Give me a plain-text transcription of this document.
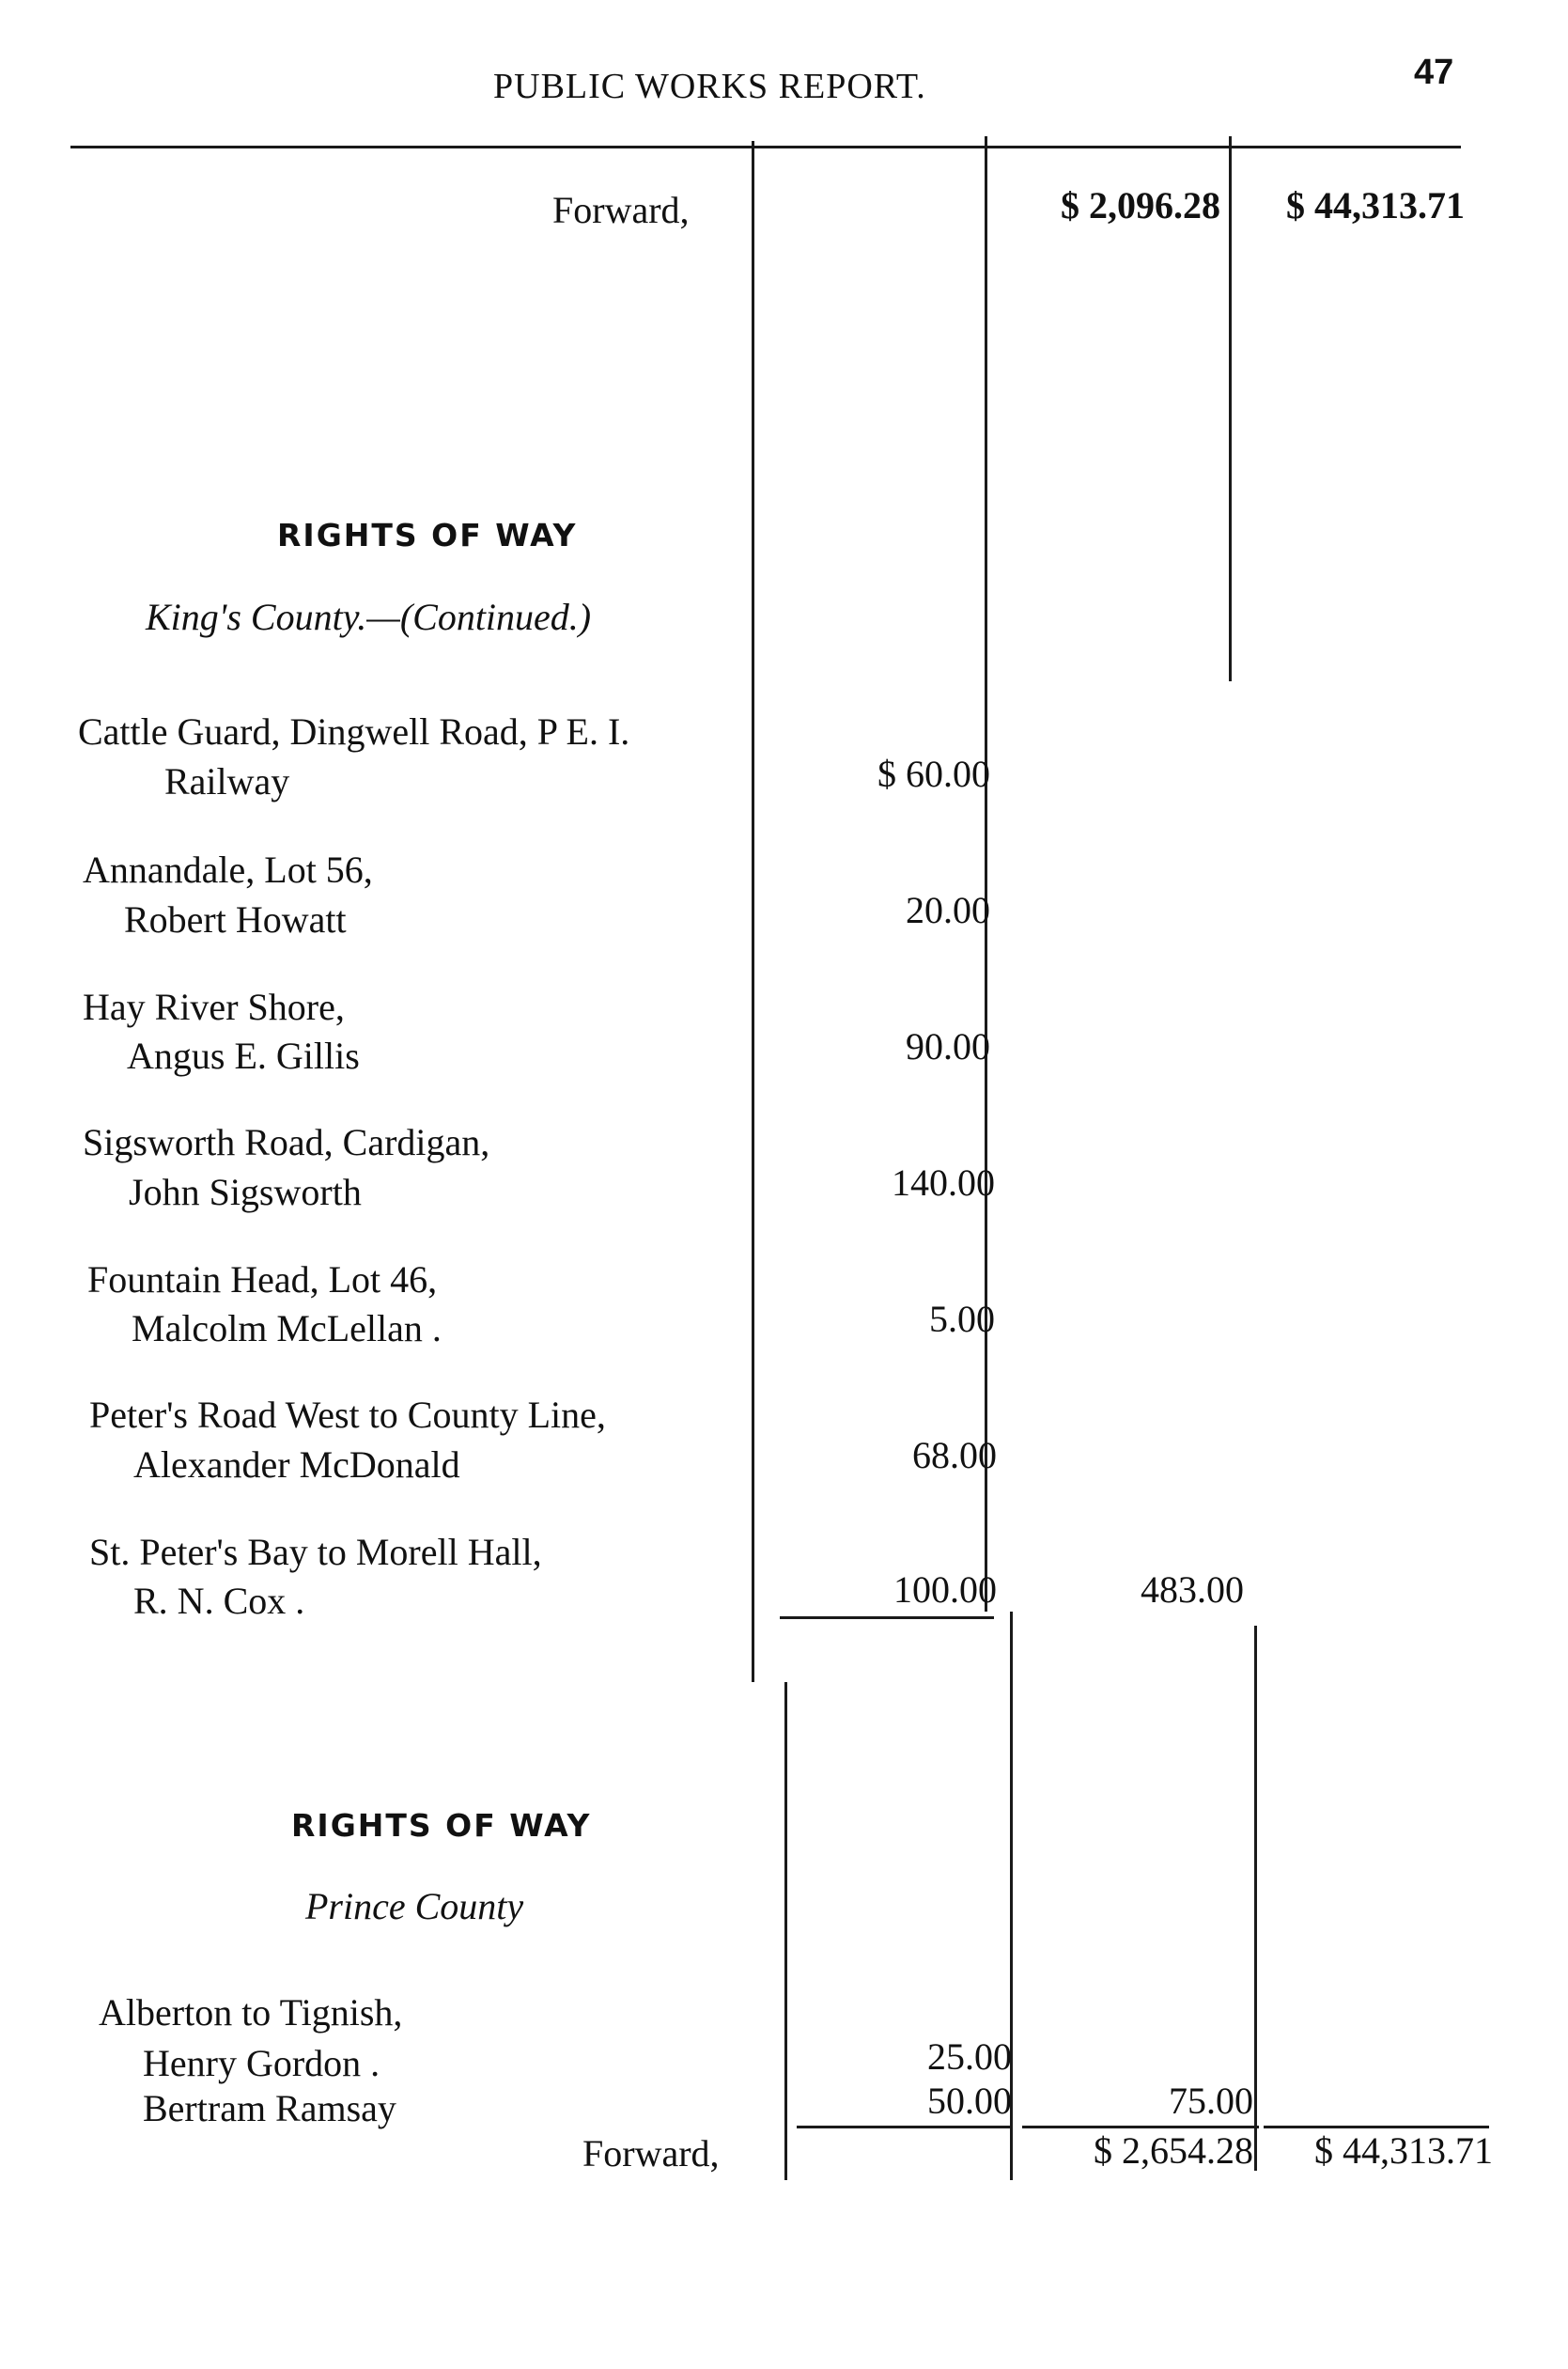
PUBLIC WORKS REPORT.	47
Forward,	$ 2,096.28 $ 44,313.71
RIGHTS OF WAY
King's County.—(Continued.)
Cattle Guard, Dingwell Road, P E. I.
Railway	$ 60.00
Annandale, Lot 56,
Robert Howatt	20.00
Hay River Shore,
Angus E. Gillis	90.00
Sigsworth Road, Cardigan,
John Sigsworth	140.00
Fountain Head, Lot 46,
Malcolm McLellan .	5.00
Peter's Road West to County Line,
Alexander McDonald	68.00
St. Peter's Bay to Morell Hall,
R. N. Cox .	100.00	483.00
RIGHTS OF WAY
Prince County
Alberton to Tignish,
Henry Gordon .	25.00
Bertram Ramsay	50.00	75.00
Forward,	$ 2,654.28 $ 44,313.71
